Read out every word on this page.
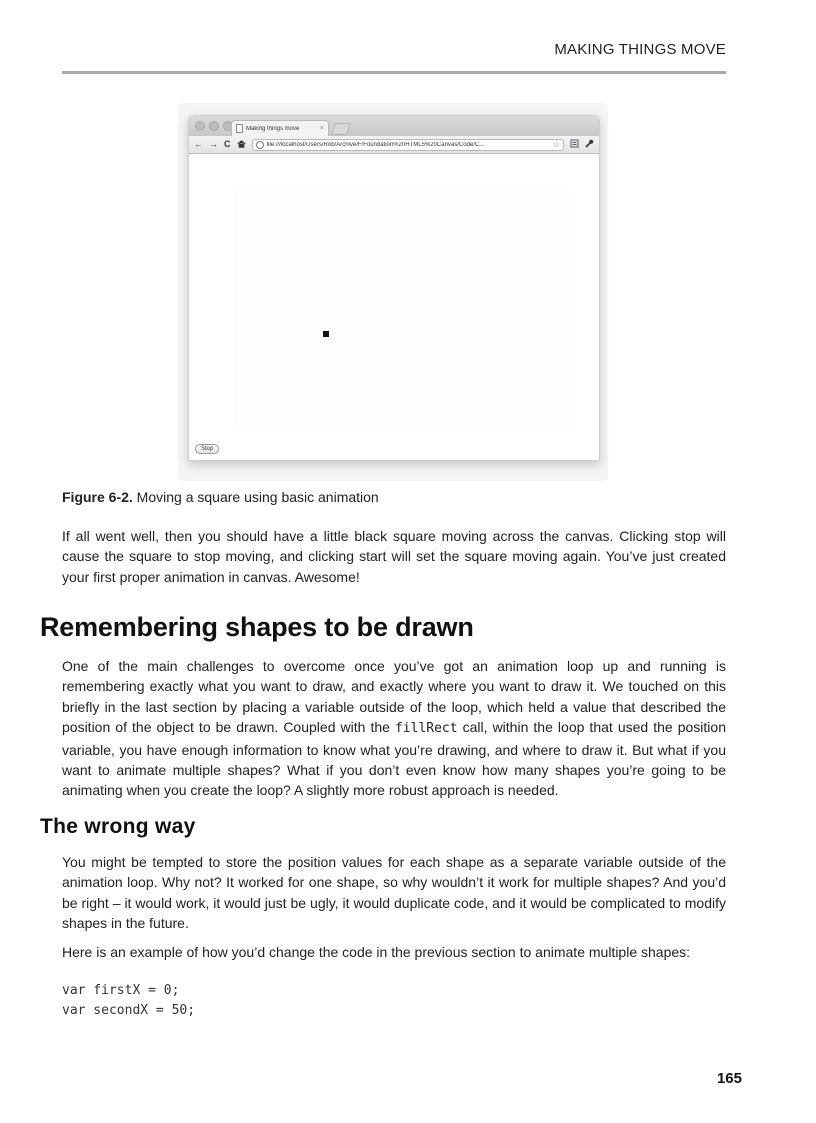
MAKING THINGS MOVE
Making things move	×
← → C	file:///localhost/Users/Rob/Archive/F/Foundation%20HTML5%20Canvas/Code/C...	☆
Stop
Figure 6-2. Moving a square using basic animation

If all went well, then you should have a little black square moving across the canvas. Clicking stop will cause the square to stop moving, and clicking start will set the square moving again. You’ve just created your first proper animation in canvas. Awesome!

Remembering shapes to be drawn

One of the main challenges to overcome once you’ve got an animation loop up and running is remembering exactly what you want to draw, and exactly where you want to draw it. We touched on this briefly in the last section by placing a variable outside of the loop, which held a value that described the position of the object to be drawn. Coupled with the fillRect call, within the loop that used the position variable, you have enough information to know what you’re drawing, and where to draw it. But what if you want to animate multiple shapes? What if you don’t even know how many shapes you’re going to be animating when you create the loop? A slightly more robust approach is needed.

The wrong way

You might be tempted to store the position values for each shape as a separate variable outside of the animation loop. Why not? It worked for one shape, so why wouldn’t it work for multiple shapes? And you’d be right – it would work, it would just be ugly, it would duplicate code, and it would be complicated to modify shapes in the future.

Here is an example of how you’d change the code in the previous section to animate multiple shapes:

var firstX = 0;
var secondX = 50;
165
